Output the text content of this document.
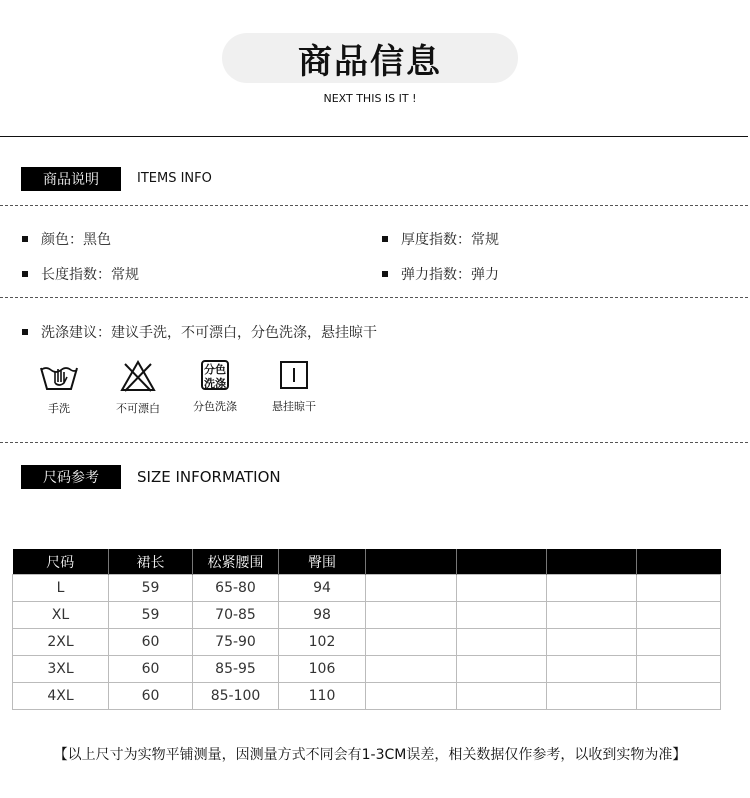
商品信息
NEXT THIS IS IT !
商品说明	ITEMS INFO
颜色：黑色	厚度指数：常规
长度指数：常规	弹力指数：弹力
洗涤建议：建议手洗，不可漂白，分色洗涤，悬挂晾干
手洗	不可漂白
分色
洗涤
分色洗涤	悬挂晾干
尺码参考	SIZE INFORMATION
尺码	裙长	松紧腰围	臀围				
L	59	65-80	94				
XL	59	70-85	98				
2XL	60	75-90	102				
3XL	60	85-95	106				
4XL	60	85-100	110				
【以上尺寸为实物平铺测量，因测量方式不同会有1-3CM误差，相关数据仅作参考，以收到实物为准】
